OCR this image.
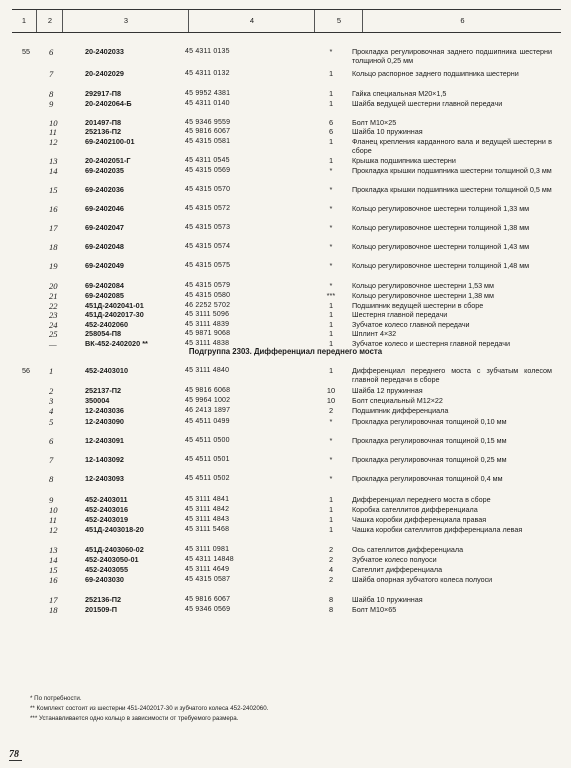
1	2	3	4	5	6
55 6	20-2402033	45 4311 0135	*	Прокладка регулировочная заднего подшипника шестерни толщиной 0,25 мм
7	20-2402029	45 4311 0132	1	Кольцо распорное заднего подшипника шестерни
8	292917-П8	45 9952 4381	1	Гайка специальная М20×1,5
9	20-2402064-Б	45 4311 0140	1	Шайба ведущей шестерни главной передачи
10	201497-П8	45 9346 9559	6	Болт М10×25
11	252136-П2	45 9816 6067	6	Шайба 10 пружинная
12	69-2402100-01	45 4315 0581	1	Фланец крепления карданного вала и ведущей шестерни в сборе
13	20-2402051-Г	45 4311 0545	1	Крышка подшипника шестерни
14	69-2402035	45 4315 0569	*	Прокладка крышки подшипника шестерни толщиной 0,3 мм
15	69-2402036	45 4315 0570	*	Прокладка крышки подшипника шестерни толщиной 0,5 мм
16	69-2402046	45 4315 0572	*	Кольцо регулировочное шестерни толщиной 1,33 мм
17	69-2402047	45 4315 0573	*	Кольцо регулировочное шестерни толщиной 1,38 мм
18	69-2402048	45 4315 0574	*	Кольцо регулировочное шестерни толщиной 1,43 мм
19	69-2402049	45 4315 0575	*	Кольцо регулировочное шестерни толщиной 1,48 мм
20	69-2402084	45 4315 0579	*	Кольцо регулировочное шестерни 1,53 мм
21	69-2402085	45 4315 0580	***	Кольцо регулировочное шестерни 1,38 мм
22	451Д-2402041-01	46 2252 5702	1	Подшипник ведущей шестерни в сборе
23	451Д-2402017-30	45 3111 5096	1	Шестерня главной передачи
24	452-2402060	45 3111 4839	1	Зубчатое колесо главной передачи
25	258054-П8	45 9871 9068	1	Шплинт 4×32
—	ВК-452-2402020 **	45 3111 4838	1	Зубчатое колесо и шестерня главной передачи
Подгруппа 2303. Дифференциал переднего моста
56 1	452-2403010	45 3111 4840	1	Дифференциал переднего моста с зубчатым колесом главной передачи в сборе
2	252137-П2	45 9816 6068	10	Шайба 12 пружинная
3	350004	45 9964 1002	10	Болт специальный М12×22
4	12-2403036	46 2413 1897	2	Подшипник дифференциала
5	12-2403090	45 4511 0499	*	Прокладка регулировочная толщиной 0,10 мм
6	12-2403091	45 4511 0500	*	Прокладка регулировочная толщиной 0,15 мм
7	12-1403092	45 4511 0501	*	Прокладка регулировочная толщиной 0,25 мм
8	12-2403093	45 4511 0502	*	Прокладка регулировочная толщиной 0,4 мм
9	452-2403011	45 3111 4841	1	Дифференциал переднего моста в сборе
10	452-2403016	45 3111 4842	1	Коробка сателлитов дифференциала
11	452-2403019	45 3111 4843	1	Чашка коробки дифференциала правая
12	451Д-2403018-20	45 3111 5468	1	Чашка коробки сателлитов дифференциала левая
13	451Д-2403060-02	45 3111 0981	2	Ось сателлитов дифференциала
14	452-2403050-01	45 4311 14848	2	Зубчатое колесо полуоси
15	452-2403055	45 3111 4649	4	Сателлит дифференциала
16	69-2403030	45 4315 0587	2	Шайба опорная зубчатого колеса полуоси
17	252136-П2	45 9816 6067	8	Шайба 10 пружинная
18	201509-П	45 9346 0569	8	Болт М10×65
* По потребности.
** Комплект состоит из шестерни 451-2402017-30 и зубчатого колеса 452-2402060.
*** Устанавливается одно кольцо в зависимости от требуемого размера.
78
